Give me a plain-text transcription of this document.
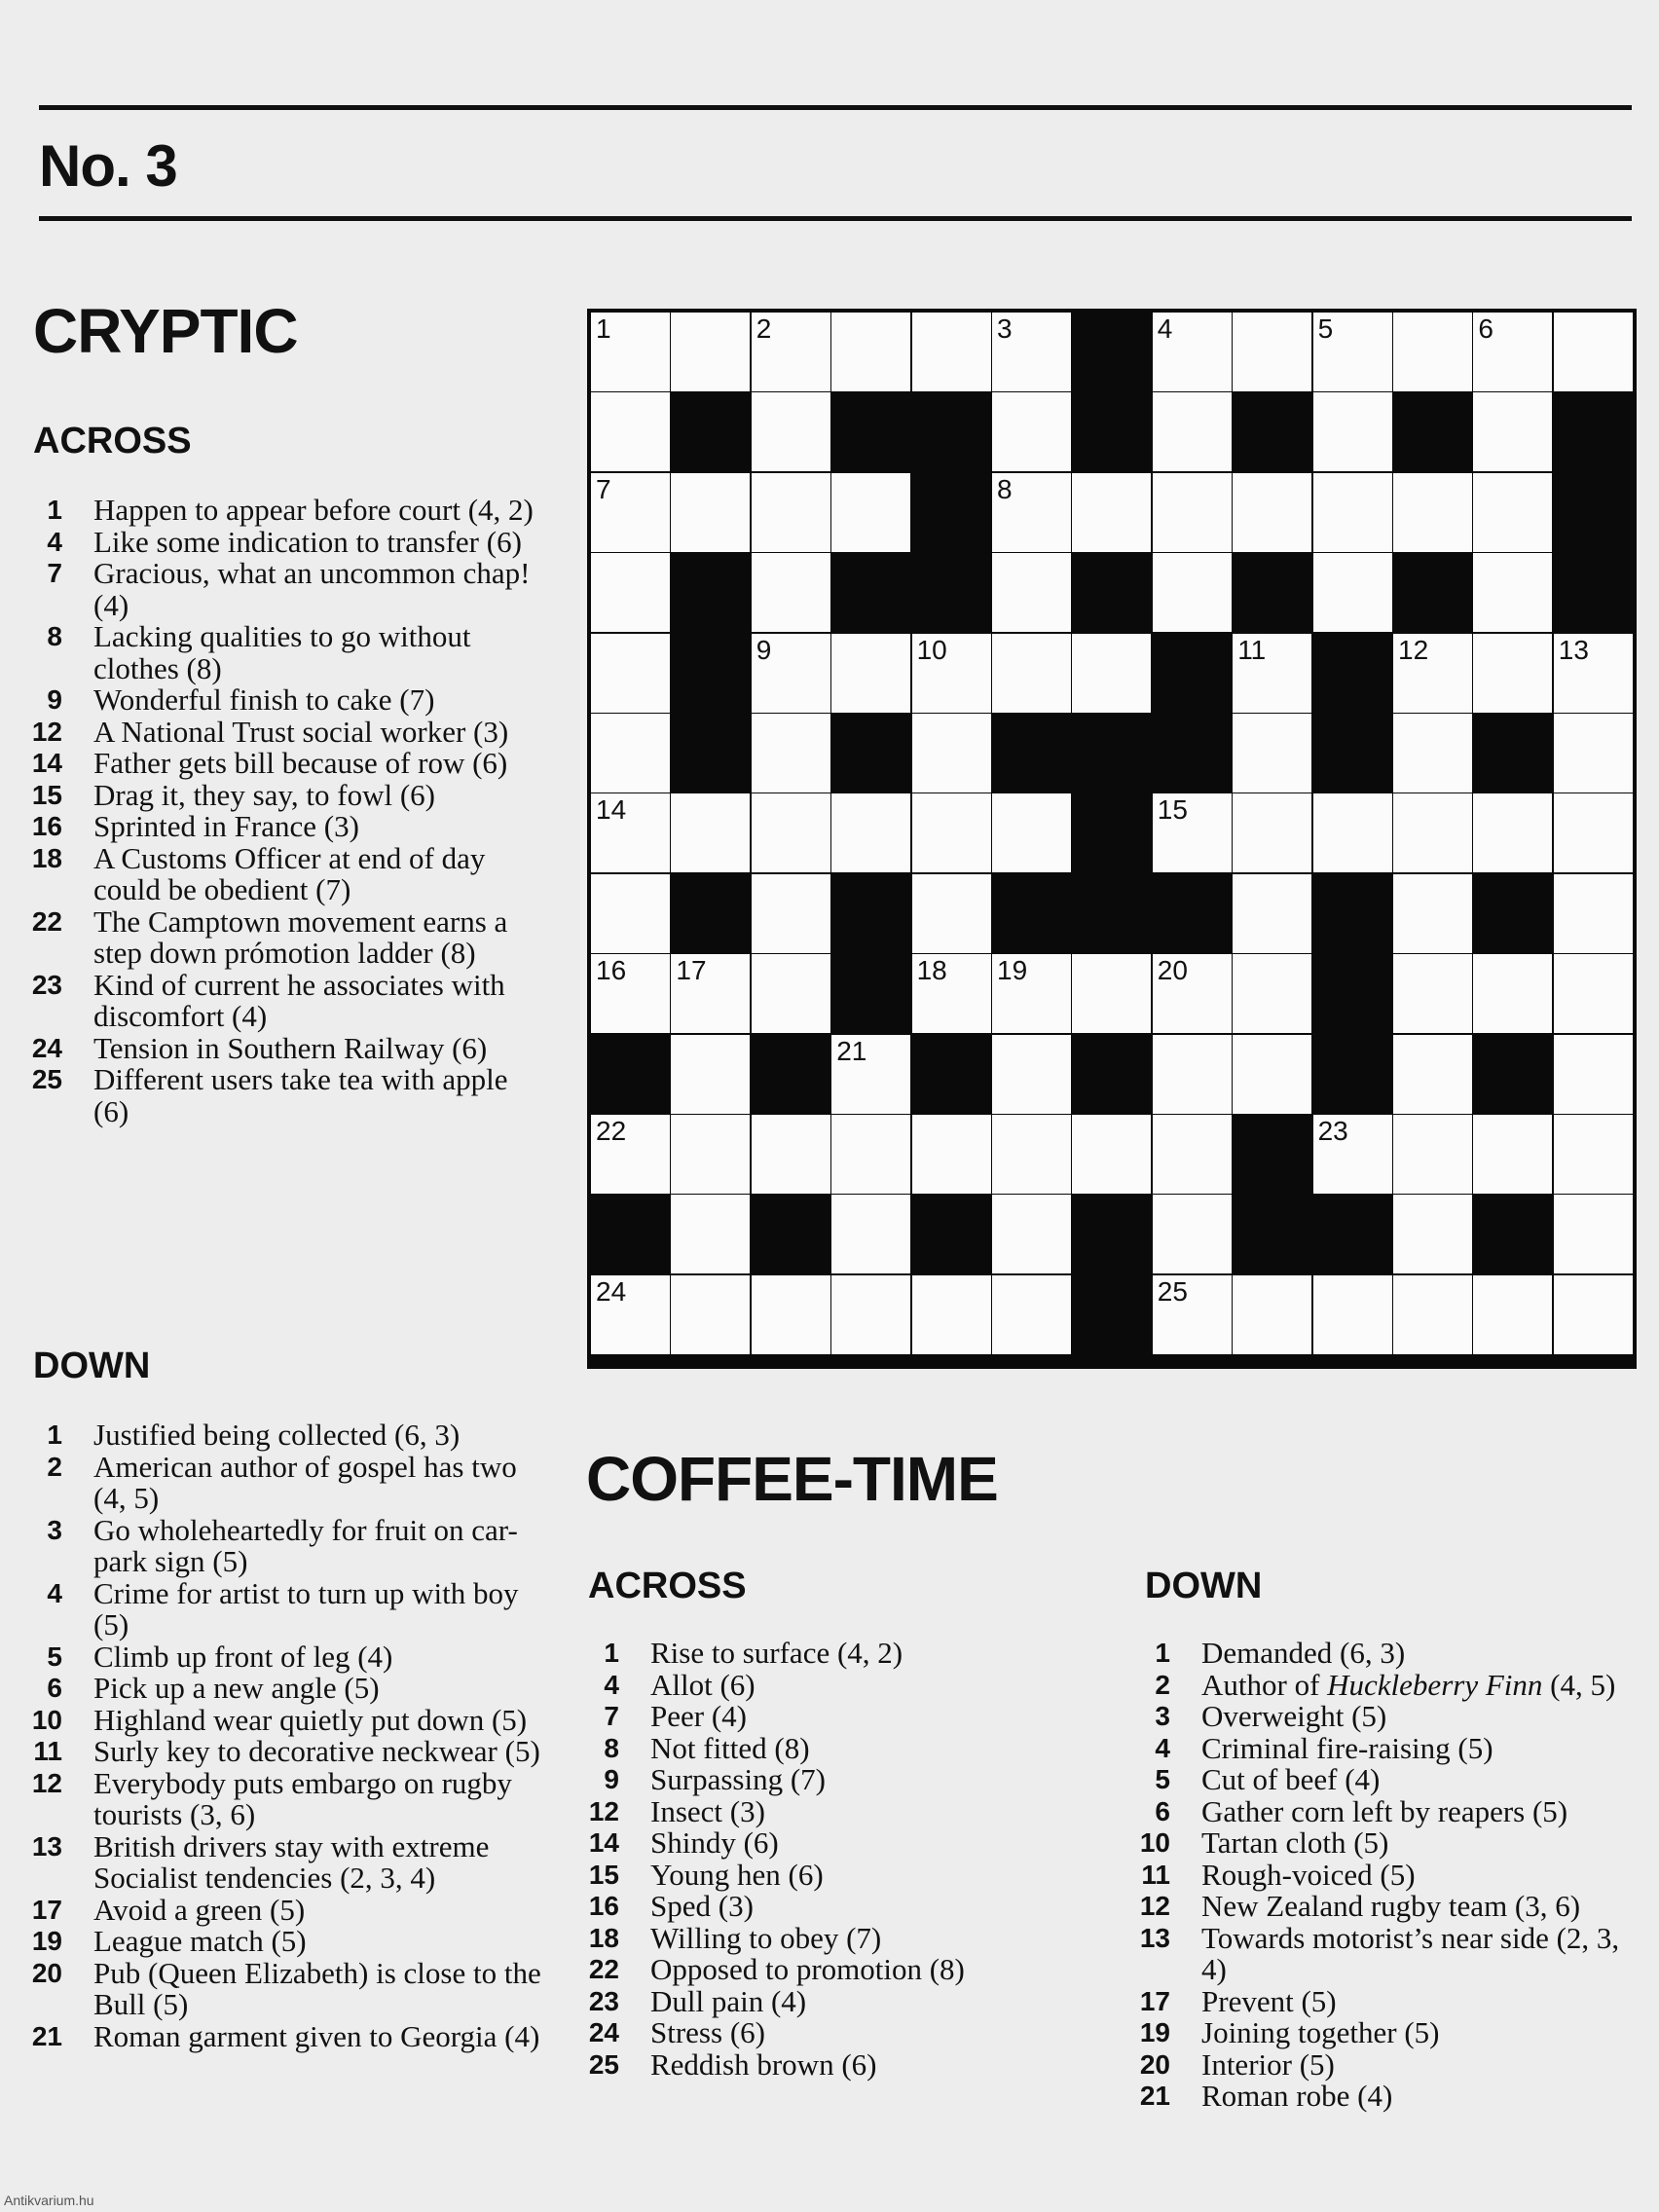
No. 3
CRYPTIC
ACROSS
1 Happen to appear before court (4, 2)
4 Like some indication to transfer (6)
7 Gracious, what an uncommon chap! (4)
8 Lacking qualities to go without clothes (8)
9 Wonderful finish to cake (7)
12 A National Trust social worker (3)
14 Father gets bill because of row (6)
15 Drag it, they say, to fowl (6)
16 Sprinted in France (3)
18 A Customs Officer at end of day could be obedient (7)
22 The Camptown movement earns a step down prómotion ladder (8)
23 Kind of current he associates with discomfort (4)
24 Tension in Southern Railway (6)
25 Different users take tea with apple (6)
DOWN
1 Justified being collected (6, 3)
2 American author of gospel has two (4, 5)
3 Go wholeheartedly for fruit on car-park sign (5)
4 Crime for artist to turn up with boy (5)
5 Climb up front of leg (4)
6 Pick up a new angle (5)
10 Highland wear quietly put down (5)
11 Surly key to decorative neckwear (5)
12 Everybody puts embargo on rugby tourists (3, 6)
13 British drivers stay with extreme Socialist tendencies (2, 3, 4)
17 Avoid a green (5)
19 League match (5)
20 Pub (Queen Elizabeth) is close to the Bull (5)
21 Roman garment given to Georgia (4)
1	2	3	4	5	6
7	8
9	10	11	12	13
14	15
16 17	18 19	20
21
22	23
24	25
COFFEE-TIME
ACROSS
1 Rise to surface (4, 2)
4 Allot (6)
7 Peer (4)
8 Not fitted (8)
9 Surpassing (7)
12 Insect (3)
14 Shindy (6)
15 Young hen (6)
16 Sped (3)
18 Willing to obey (7)
22 Opposed to promotion (8)
23 Dull pain (4)
24 Stress (6)
25 Reddish brown (6)
DOWN
1 Demanded (6, 3)
2 Author of Huckleberry Finn (4, 5)
3 Overweight (5)
4 Criminal fire-raising (5)
5 Cut of beef (4)
6 Gather corn left by reapers (5)
10 Tartan cloth (5)
11 Rough-voiced (5)
12 New Zealand rugby team (3, 6)
13 Towards motorist’s near side (2, 3, 4)
17 Prevent (5)
19 Joining together (5)
20 Interior (5)
21 Roman robe (4)
Antikvarium.hu
